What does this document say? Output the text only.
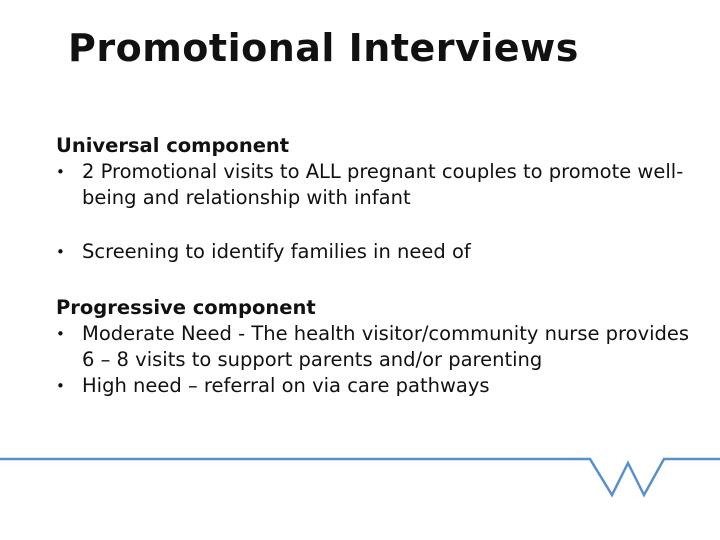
Promotional Interviews

Universal component

• 2 Promotional visits to ALL pregnant couples to promote well-being and relationship with infant
• Screening to identify families in need of

Progressive component

• Moderate Need - The health visitor/community nurse provides 6 – 8 visits to support parents and/or parenting
• High need – referral on via care pathways
